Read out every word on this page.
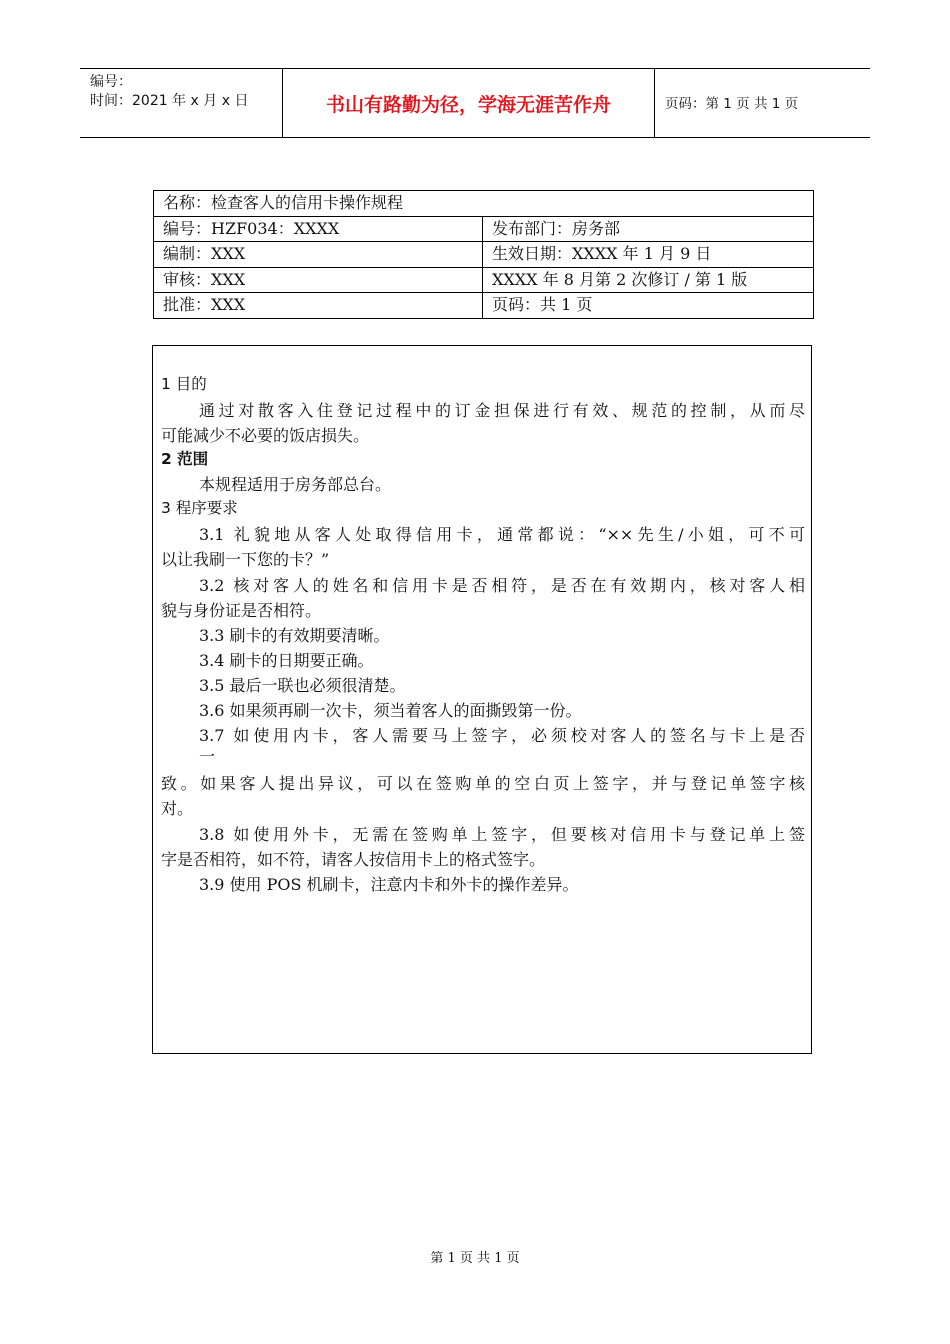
编号：
时间：2021 年 x 月 x 日	书山有路勤为径，学海无涯苦作舟	页码：第 1 页 共 1 页
名称：检查客人的信用卡操作规程	
编号：HZF034：XXXX	发布部门：房务部
编制：XXX	生效日期：XXXX 年 1 月 9 日
审核：XXX	XXXX 年 8 月第 2 次修订 / 第 1 版
批准：XXX	页码：共 1 页
1 目的
通过对散客入住登记过程中的订金担保进行有效、规范的控制，从而尽
可能减少不必要的饭店损失。
2 范围
本规程适用于房务部总台。
3 程序要求
3.1 礼貌地从客人处取得信用卡，通常都说：“××先生/小姐，可不可
以让我刷一下您的卡？”
3.2 核对客人的姓名和信用卡是否相符，是否在有效期内，核对客人相
貌与身份证是否相符。
3.3 刷卡的有效期要清晰。
3.4 刷卡的日期要正确。
3.5 最后一联也必须很清楚。
3.6 如果须再刷一次卡，须当着客人的面撕毁第一份。
3.7 如使用内卡，客人需要马上签字，必须校对客人的签名与卡上是否
一
致。如果客人提出异议，可以在签购单的空白页上签字，并与登记单签字核
对。
3.8 如使用外卡，无需在签购单上签字，但要核对信用卡与登记单上签
字是否相符，如不符，请客人按信用卡上的格式签字。
3.9 使用 POS 机刷卡，注意内卡和外卡的操作差异。
第 1 页 共 1 页
